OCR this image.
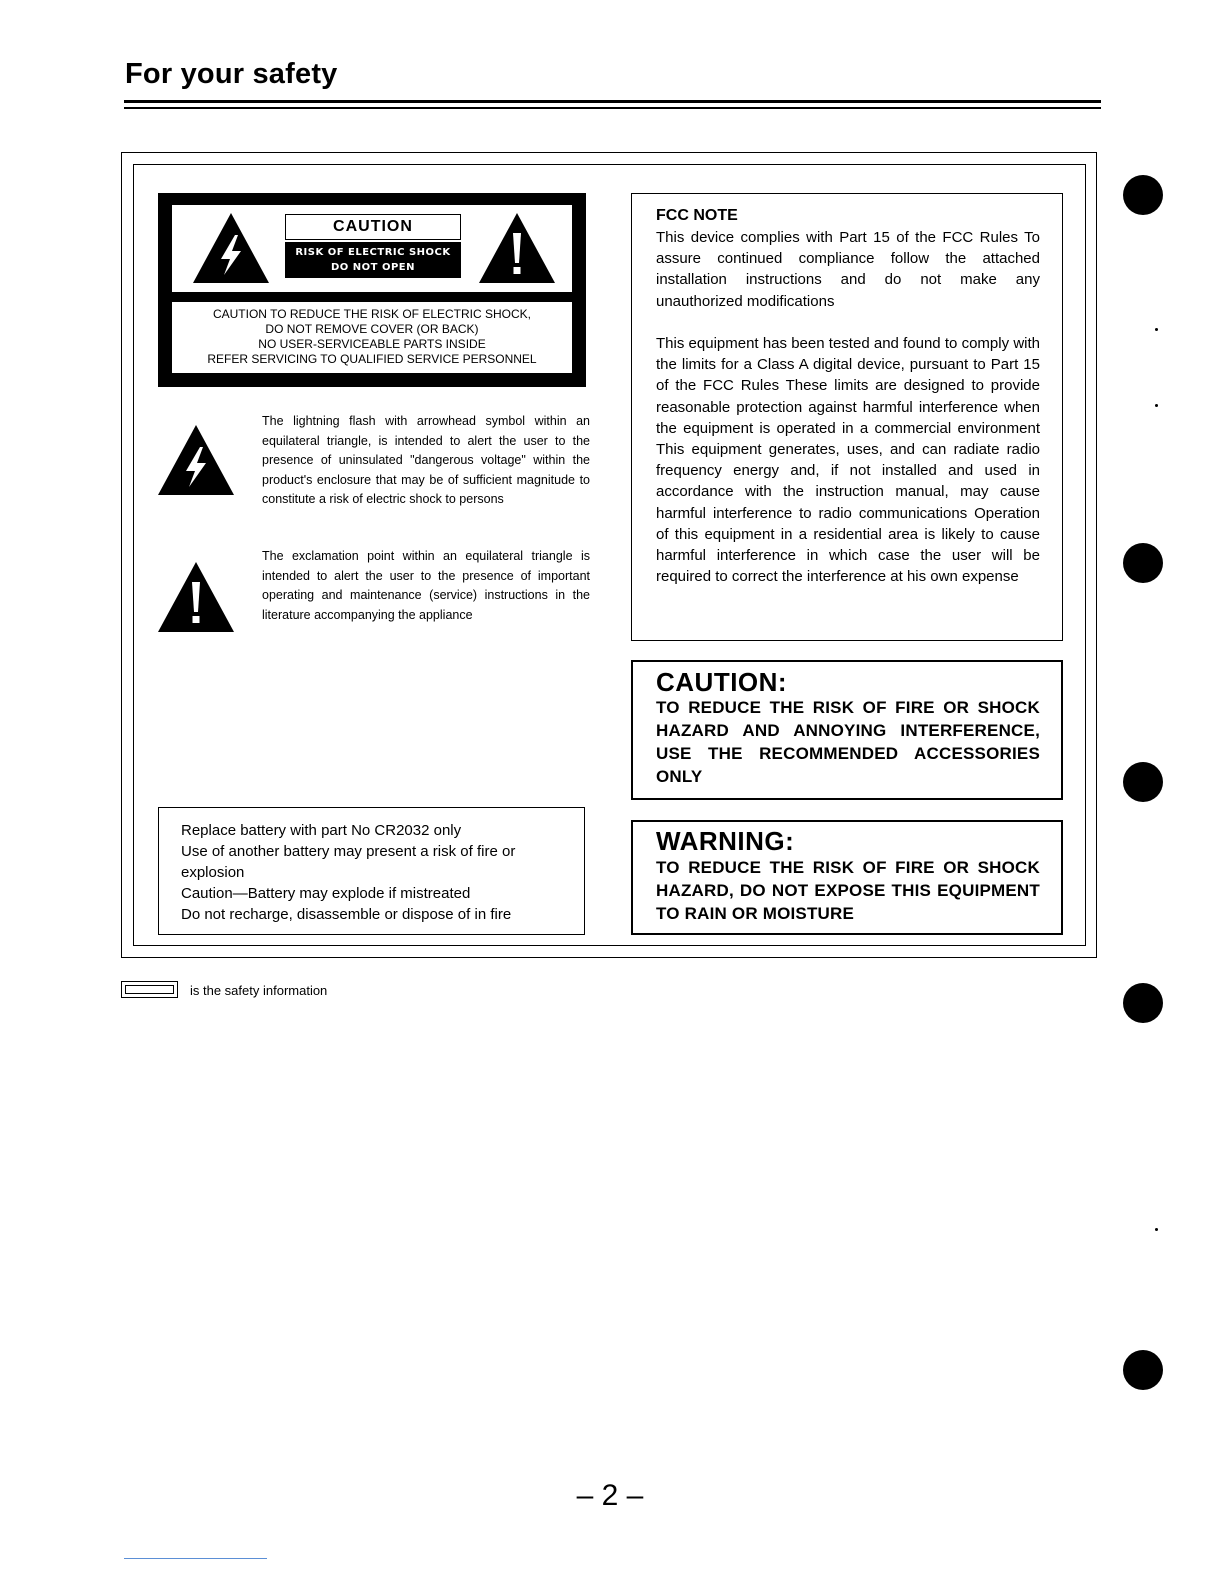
For your safety
CAUTION
RISK OF ELECTRIC SHOCK
DO NOT OPEN
CAUTION TO REDUCE THE RISK OF ELECTRIC SHOCK,
DO NOT REMOVE COVER (OR BACK)
NO USER-SERVICEABLE PARTS INSIDE
REFER SERVICING TO QUALIFIED SERVICE PERSONNEL
The lightning flash with arrowhead symbol within an equilateral triangle, is intended to alert the user to the presence of uninsulated "dangerous voltage" within the product's enclosure that may be of sufficient magnitude to constitute a risk of electric shock to persons
The exclamation point within an equilateral triangle is intended to alert the user to the presence of important operating and maintenance (service) instructions in the literature accompanying the appliance
FCC NOTE
This device complies with Part 15 of the FCC Rules To assure continued compliance follow the attached installation instructions and do not make any unauthorized modifications
This equipment has been tested and found to comply with the limits for a Class A digital device, pursuant to Part 15 of the FCC Rules These limits are designed to provide reasonable protection against harmful interference when the equipment is operated in a commercial environment This equipment generates, uses, and can radiate radio frequency energy and, if not installed and used in accordance with the instruction manual, may cause harmful interference to radio communications Operation of this equipment in a residential area is likely to cause harmful interference in which case the user will be required to correct the interference at his own expense
CAUTION:
TO REDUCE THE RISK OF FIRE OR SHOCK HAZARD AND ANNOYING INTERFERENCE, USE THE RECOMMENDED ACCESSORIES ONLY
WARNING:
TO REDUCE THE RISK OF FIRE OR SHOCK HAZARD, DO NOT EXPOSE THIS EQUIPMENT TO RAIN OR MOISTURE
Replace battery with part No CR2032 only
Use of another battery may present a risk of fire or
explosion
Caution—Battery may explode if mistreated
Do not recharge, disassemble or dispose of in fire
is the safety information
– 2 –
